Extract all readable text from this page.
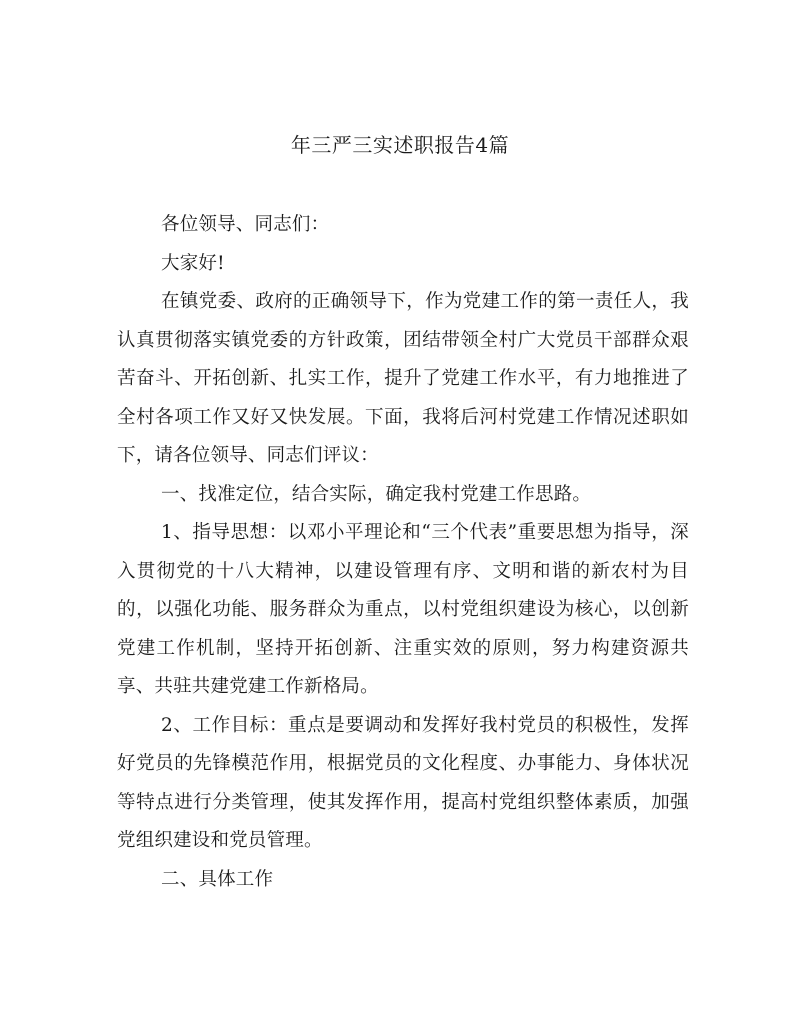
年三严三实述职报告4篇

各位领导、同志们：

大家好!

在镇党委、政府的正确领导下，作为党建工作的第一责任人，我认真贯彻落实镇党委的方针政策，团结带领全村广大党员干部群众艰苦奋斗、开拓创新、扎实工作，提升了党建工作水平，有力地推进了全村各项工作又好又快发展。下面，我将后河村党建工作情况述职如下，请各位领导、同志们评议：

一、找准定位，结合实际，确定我村党建工作思路。

1、指导思想：以邓小平理论和“三个代表”重要思想为指导，深入贯彻党的十八大精神，以建设管理有序、文明和谐的新农村为目的，以强化功能、服务群众为重点，以村党组织建设为核心，以创新党建工作机制，坚持开拓创新、注重实效的原则，努力构建资源共享、共驻共建党建工作新格局。

2、工作目标：重点是要调动和发挥好我村党员的积极性，发挥好党员的先锋模范作用，根据党员的文化程度、办事能力、身体状况等特点进行分类管理，使其发挥作用，提高村党组织整体素质，加强党组织建设和党员管理。

二、具体工作
